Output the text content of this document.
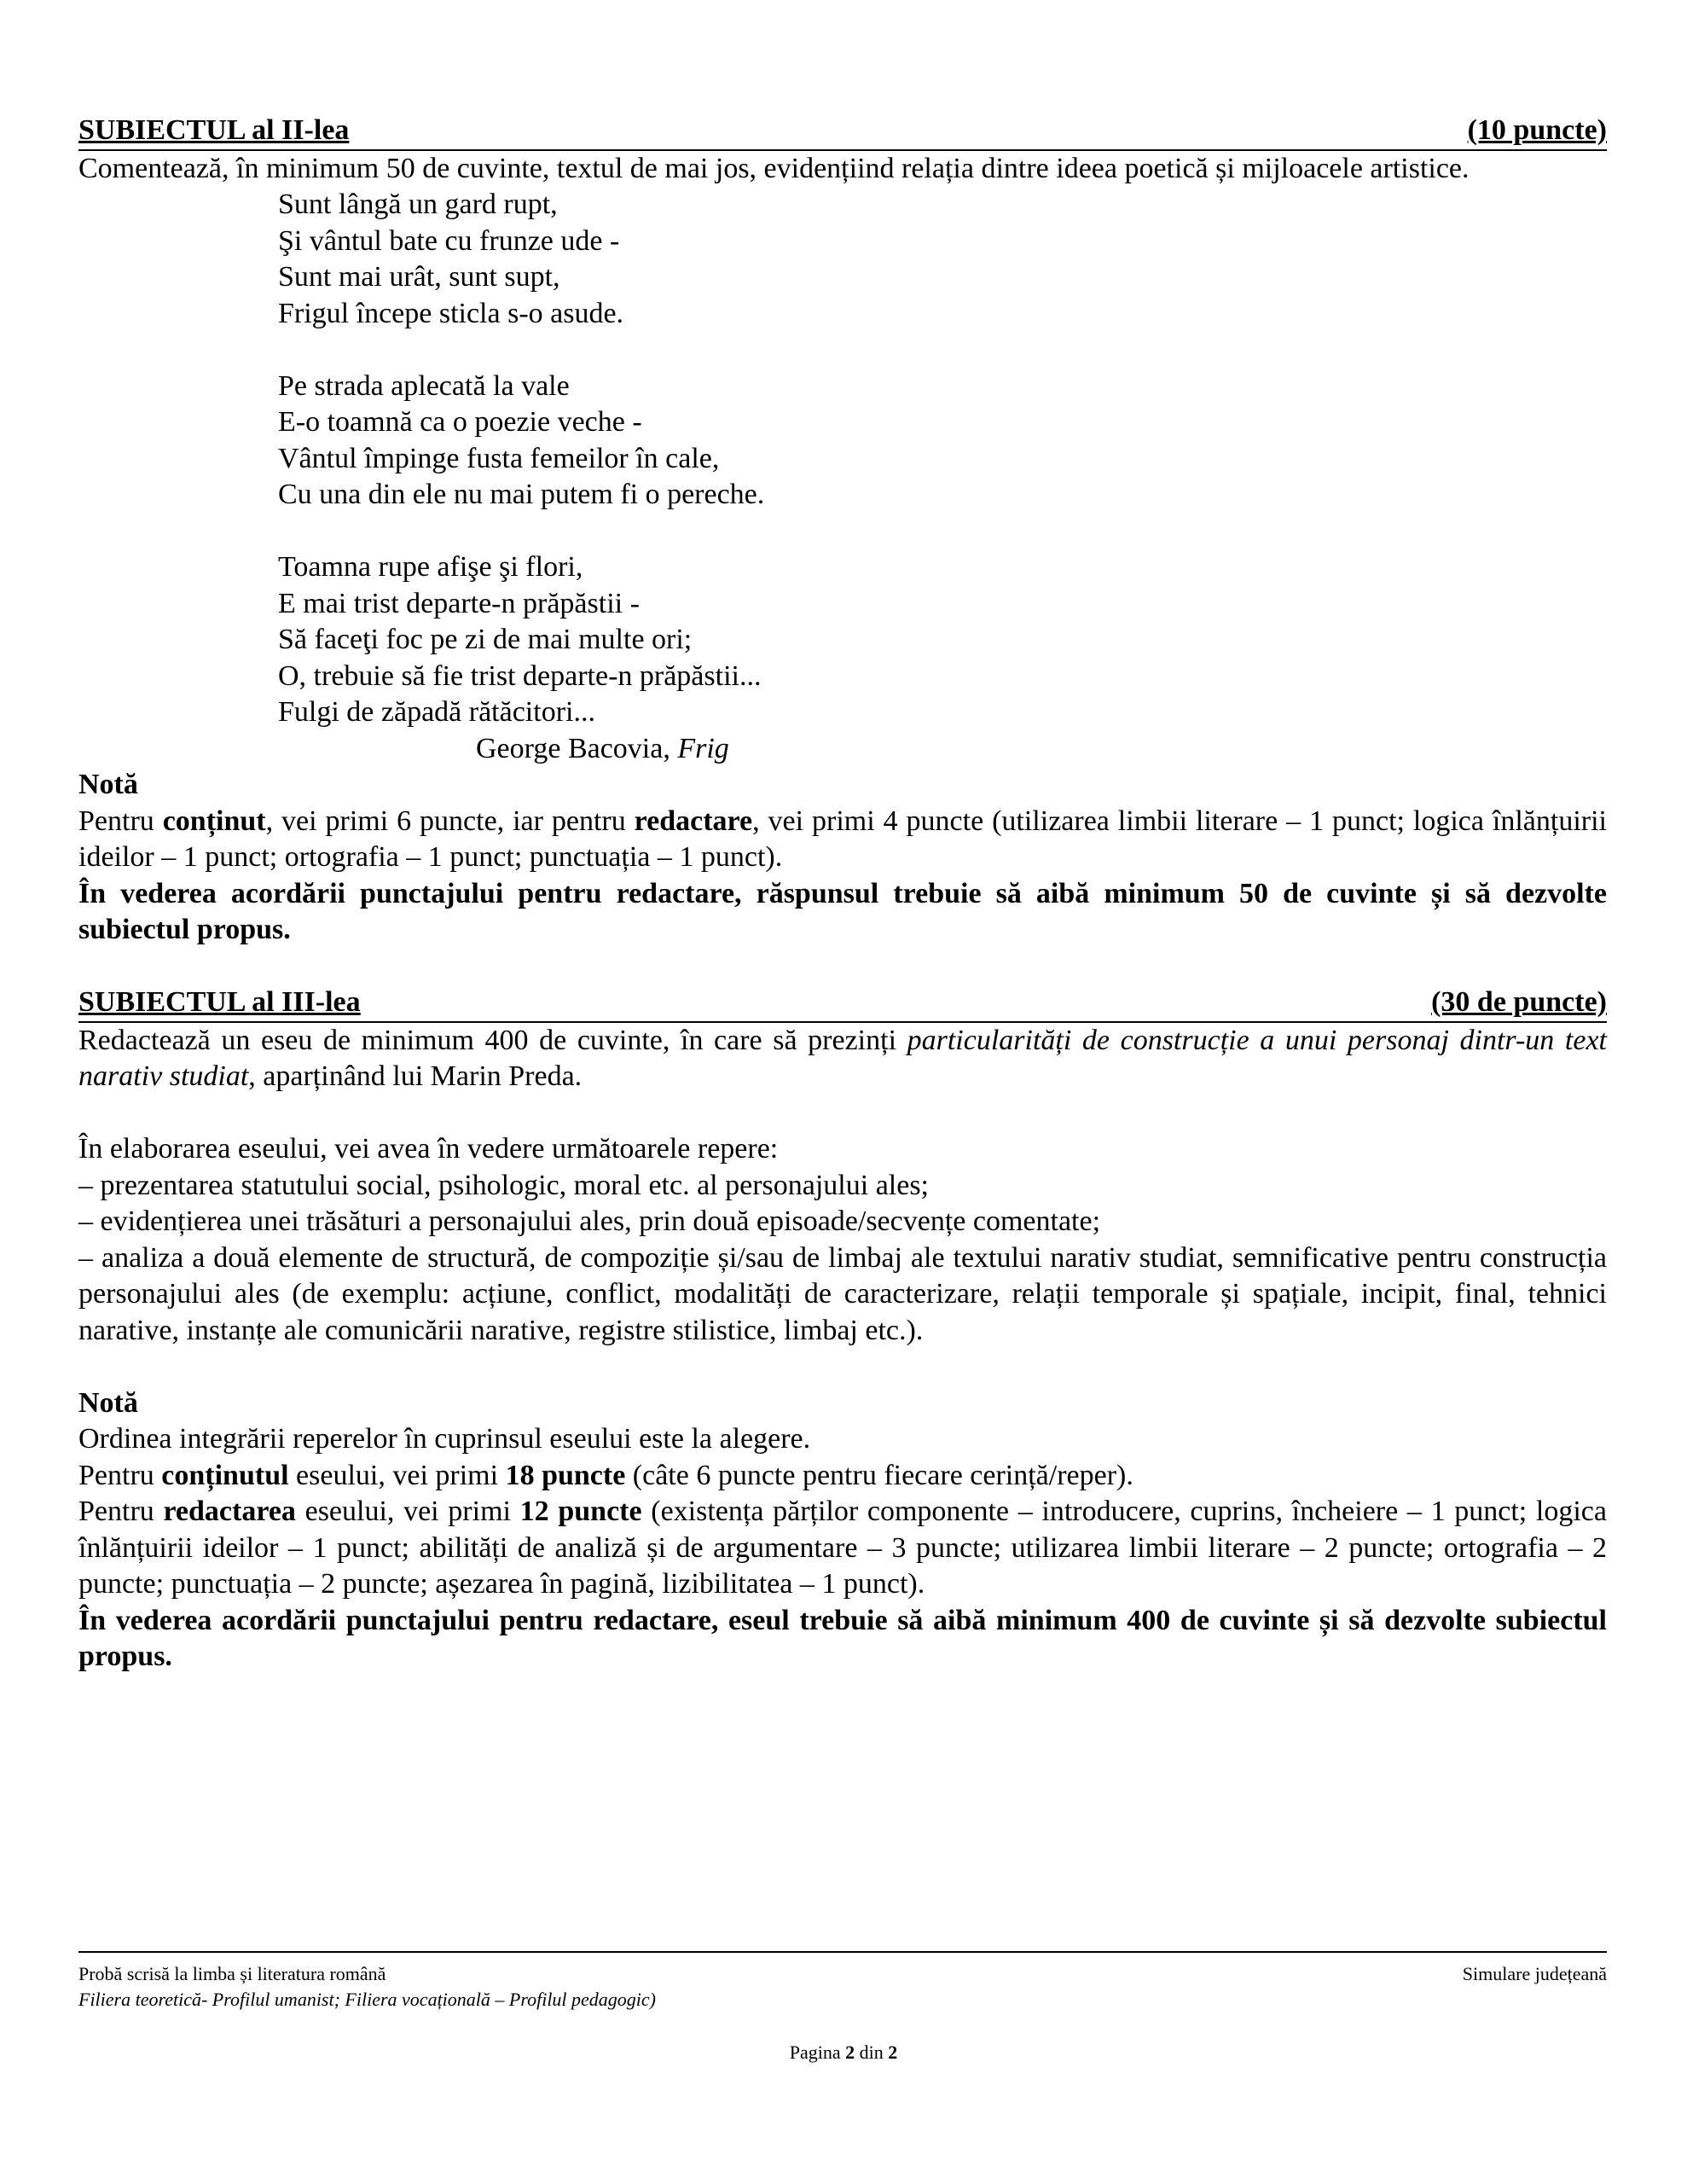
SUBIECTUL al II-lea	(10 puncte)
Comentează, în minimum 50 de cuvinte, textul de mai jos, evidențiind relația dintre ideea poetică și mijloacele artistice.
Sunt lângă un gard rupt,
Şi vântul bate cu frunze ude -
Sunt mai urât, sunt supt,
Frigul începe sticla s-o asude.
Pe strada aplecată la vale
E-o toamnă ca o poezie veche -
Vântul împinge fusta femeilor în cale,
Cu una din ele nu mai putem fi o pereche.
Toamna rupe afişe şi flori,
E mai trist departe-n prăpăstii -
Să faceţi foc pe zi de mai multe ori;
O, trebuie să fie trist departe-n prăpăstii...
Fulgi de zăpadă rătăcitori...
George Bacovia, Frig
Notă
Pentru conținut, vei primi 6 puncte, iar pentru redactare, vei primi 4 puncte (utilizarea limbii literare – 1 punct; logica înlănțuirii ideilor – 1 punct; ortografia – 1 punct; punctuația – 1 punct).
În vederea acordării punctajului pentru redactare, răspunsul trebuie să aibă minimum 50 de cuvinte și să dezvolte subiectul propus.
SUBIECTUL al III-lea	(30 de puncte)
Redactează un eseu de minimum 400 de cuvinte, în care să prezinți particularități de construcție a unui personaj dintr-un text narativ studiat, aparținând lui Marin Preda.
În elaborarea eseului, vei avea în vedere următoarele repere:
– prezentarea statutului social, psihologic, moral etc. al personajului ales;
– evidențierea unei trăsături a personajului ales, prin două episoade/secvențe comentate;
– analiza a două elemente de structură, de compoziție și/sau de limbaj ale textului narativ studiat, semnificative pentru construcția personajului ales (de exemplu: acțiune, conflict, modalități de caracterizare, relații temporale și spațiale, incipit, final, tehnici narative, instanțe ale comunicării narative, registre stilistice, limbaj etc.).
Notă
Ordinea integrării reperelor în cuprinsul eseului este la alegere.
Pentru conținutul eseului, vei primi 18 puncte (câte 6 puncte pentru fiecare cerință/reper).
Pentru redactarea eseului, vei primi 12 puncte (existența părților componente – introducere, cuprins, încheiere – 1 punct; logica înlănțuirii ideilor – 1 punct; abilități de analiză și de argumentare – 3 puncte; utilizarea limbii literare – 2 puncte; ortografia – 2 puncte; punctuația – 2 puncte; așezarea în pagină, lizibilitatea – 1 punct).
În vederea acordării punctajului pentru redactare, eseul trebuie să aibă minimum 400 de cuvinte și să dezvolte subiectul propus.
Probă scrisă la limba și literatura română	Simulare județeană
Filiera teoretică- Profilul umanist; Filiera vocațională – Profilul pedagogic)
Pagina 2 din 2
